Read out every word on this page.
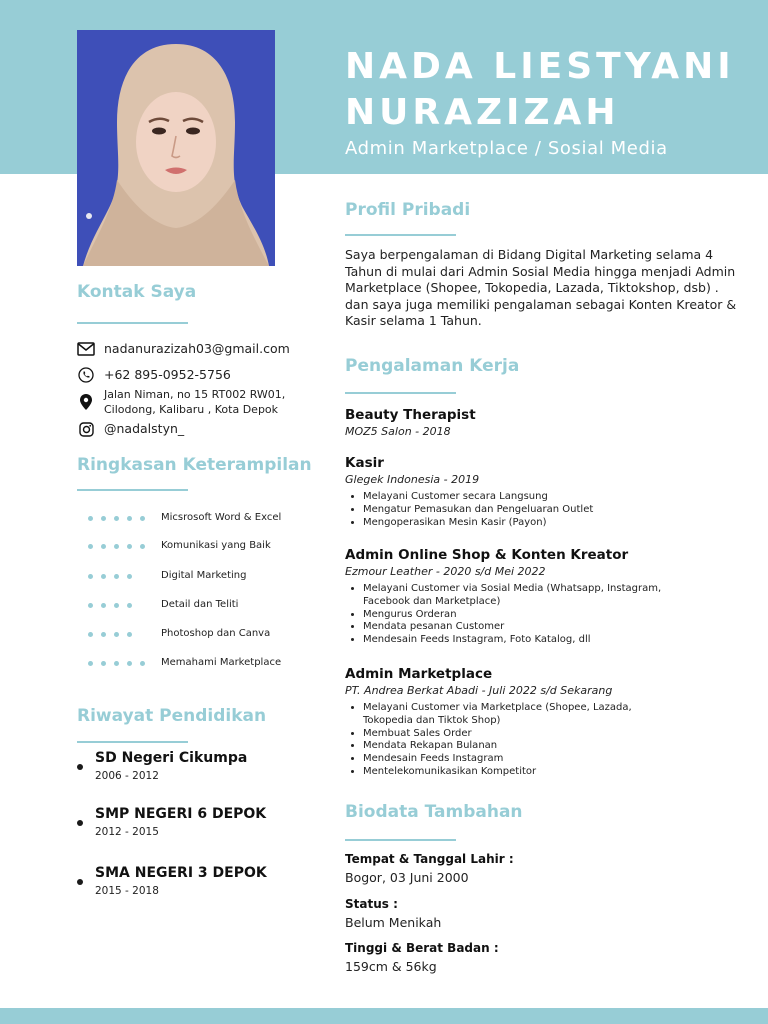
NADA LIESTYANI
NURAZIZAH
Admin Marketplace / Sosial Media
Kontak Saya
nadanurazizah03@gmail.com
+62 895-0952-5756
Jalan Niman, no 15 RT002 RW01,
Cilodong, Kalibaru , Kota Depok
@nadalstyn_
Ringkasan Keterampilan
Micsrosoft Word & Excel
Komunikasi yang Baik
Digital Marketing
Detail dan Teliti
Photoshop dan Canva
Memahami Marketplace
Riwayat Pendidikan
SD Negeri Cikumpa
2006 - 2012
SMP NEGERI 6 DEPOK
2012 - 2015
SMA NEGERI 3 DEPOK
2015 - 2018
Profil Pribadi
Saya berpengalaman di Bidang Digital Marketing selama 4 Tahun di mulai dari Admin Sosial Media hingga menjadi Admin Marketplace (Shopee, Tokopedia, Lazada, Tiktokshop, dsb) . dan saya juga memiliki pengalaman sebagai Konten Kreator & Kasir selama 1 Tahun.
Pengalaman Kerja
Beauty Therapist
MOZ5 Salon - 2018
Kasir
Glegek Indonesia - 2019
• Melayani Customer secara Langsung
• Mengatur Pemasukan dan Pengeluaran Outlet
• Mengoperasikan Mesin Kasir (Payon)
Admin Online Shop & Konten Kreator
Ezmour Leather - 2020 s/d Mei 2022
• Melayani Customer via Sosial Media (Whatsapp, Instagram, Facebook dan Marketplace)
• Mengurus Orderan
• Mendata pesanan Customer
• Mendesain Feeds Instagram, Foto Katalog, dll
Admin Marketplace
PT. Andrea Berkat Abadi - Juli 2022 s/d Sekarang
• Melayani Customer via Marketplace (Shopee, Lazada, Tokopedia dan Tiktok Shop)
• Membuat Sales Order
• Mendata Rekapan Bulanan
• Mendesain Feeds Instagram
• Mentelekomunikasikan Kompetitor
Biodata Tambahan
Tempat & Tanggal Lahir :
Bogor, 03 Juni 2000
Status :
Belum Menikah
Tinggi & Berat Badan :
159cm & 56kg
